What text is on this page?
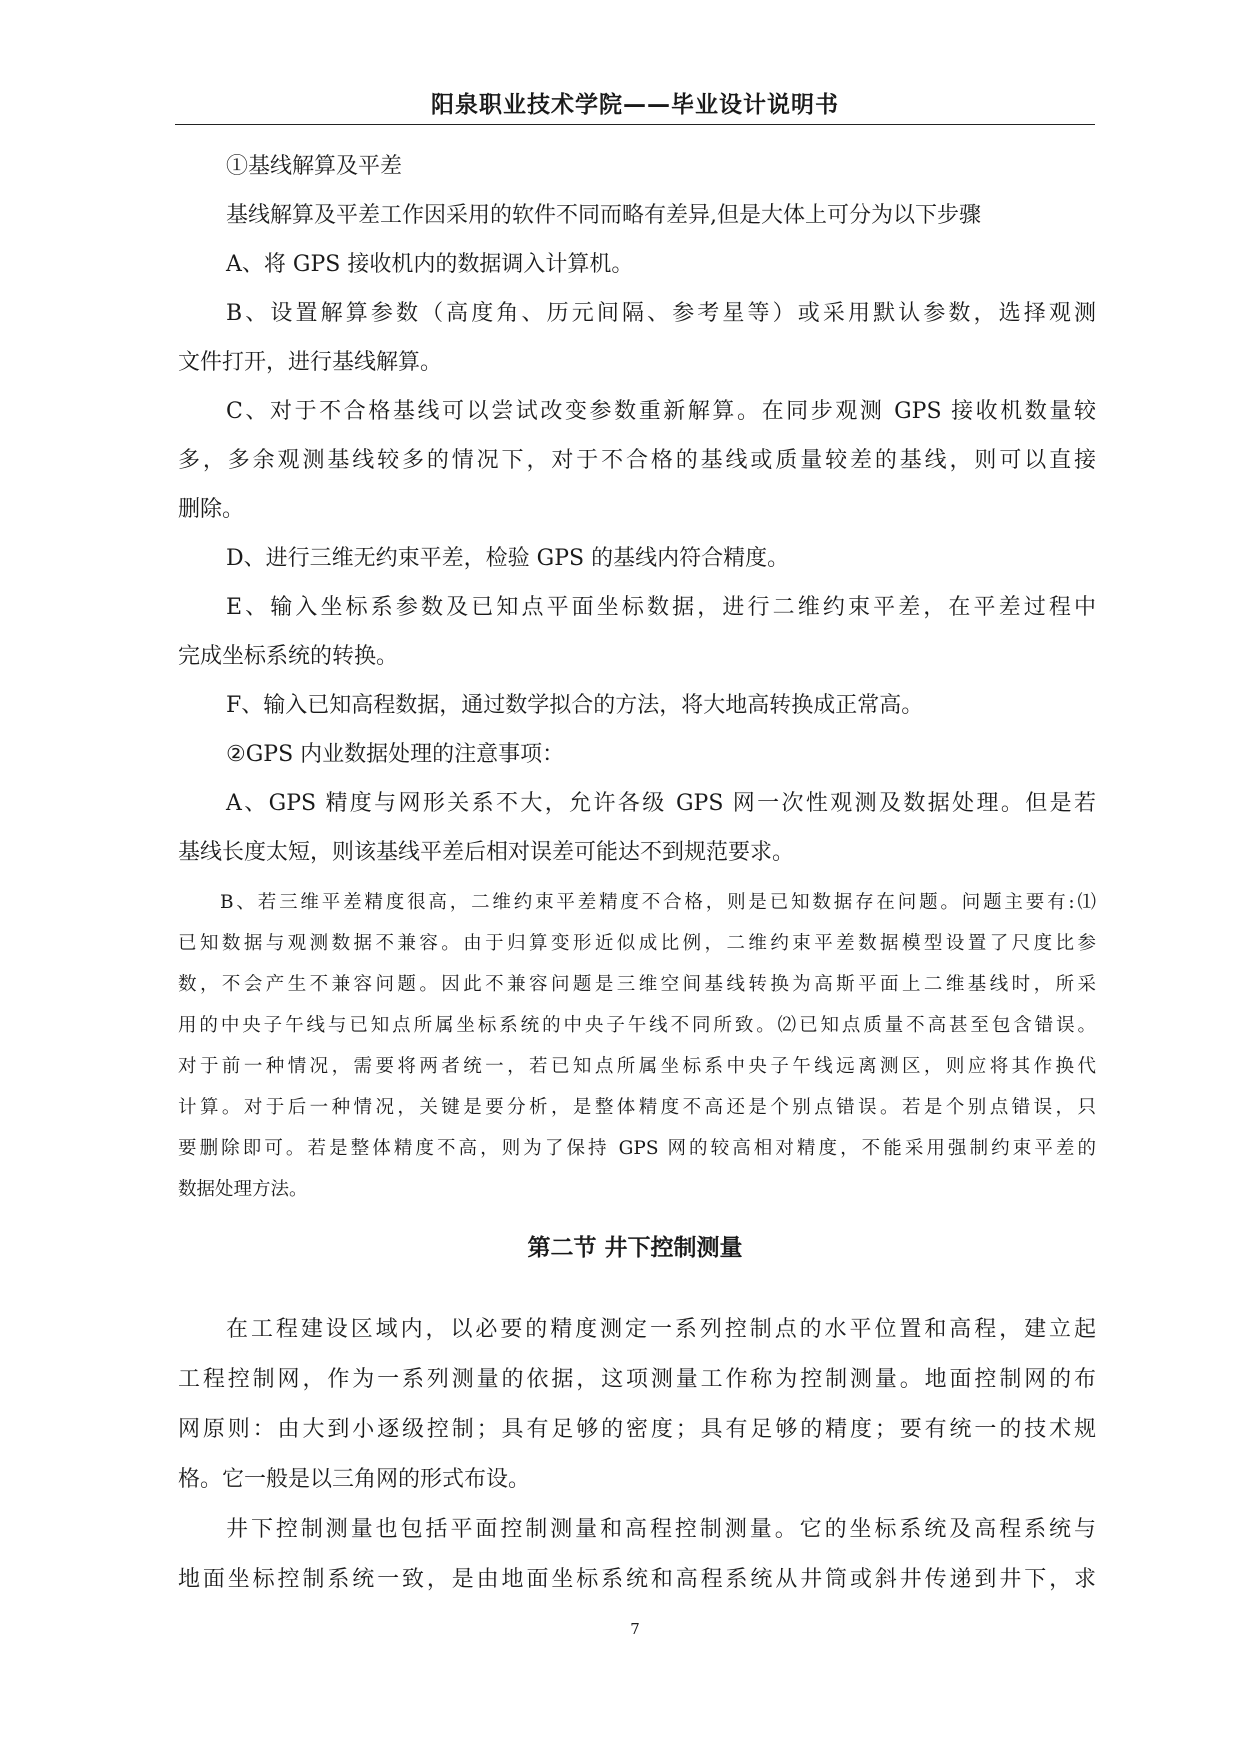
阳泉职业技术学院——毕业设计说明书
①基线解算及平差
基线解算及平差工作因采用的软件不同而略有差异,但是大体上可分为以下步骤
A、将 GPS 接收机内的数据调入计算机。
B、设置解算参数（高度角、历元间隔、参考星等）或采用默认参数，选择观测
文件打开，进行基线解算。
C、对于不合格基线可以尝试改变参数重新解算。在同步观测 GPS 接收机数量较
多，多余观测基线较多的情况下，对于不合格的基线或质量较差的基线，则可以直接
删除。
D、进行三维无约束平差，检验 GPS 的基线内符合精度。
E、输入坐标系参数及已知点平面坐标数据，进行二维约束平差，在平差过程中
完成坐标系统的转换。
F、输入已知高程数据，通过数学拟合的方法，将大地高转换成正常高。
②GPS 内业数据处理的注意事项：
A、GPS 精度与网形关系不大，允许各级 GPS 网一次性观测及数据处理。但是若
基线长度太短，则该基线平差后相对误差可能达不到规范要求。
B、若三维平差精度很高，二维约束平差精度不合格，则是已知数据存在问题。问题主要有:⑴
已知数据与观测数据不兼容。由于归算变形近似成比例，二维约束平差数据模型设置了尺度比参
数，不会产生不兼容问题。因此不兼容问题是三维空间基线转换为高斯平面上二维基线时，所采
用的中央子午线与已知点所属坐标系统的中央子午线不同所致。⑵已知点质量不高甚至包含错误。
对于前一种情况，需要将两者统一，若已知点所属坐标系中央子午线远离测区，则应将其作换代
计算。对于后一种情况，关键是要分析，是整体精度不高还是个别点错误。若是个别点错误，只
要删除即可。若是整体精度不高，则为了保持 GPS 网的较高相对精度，不能采用强制约束平差的
数据处理方法。
第二节 井下控制测量
在工程建设区域内，以必要的精度测定一系列控制点的水平位置和高程，建立起
工程控制网，作为一系列测量的依据，这项测量工作称为控制测量。地面控制网的布
网原则：由大到小逐级控制；具有足够的密度；具有足够的精度；要有统一的技术规
格。它一般是以三角网的形式布设。
井下控制测量也包括平面控制测量和高程控制测量。它的坐标系统及高程系统与
地面坐标控制系统一致，是由地面坐标系统和高程系统从井筒或斜井传递到井下，求
7
